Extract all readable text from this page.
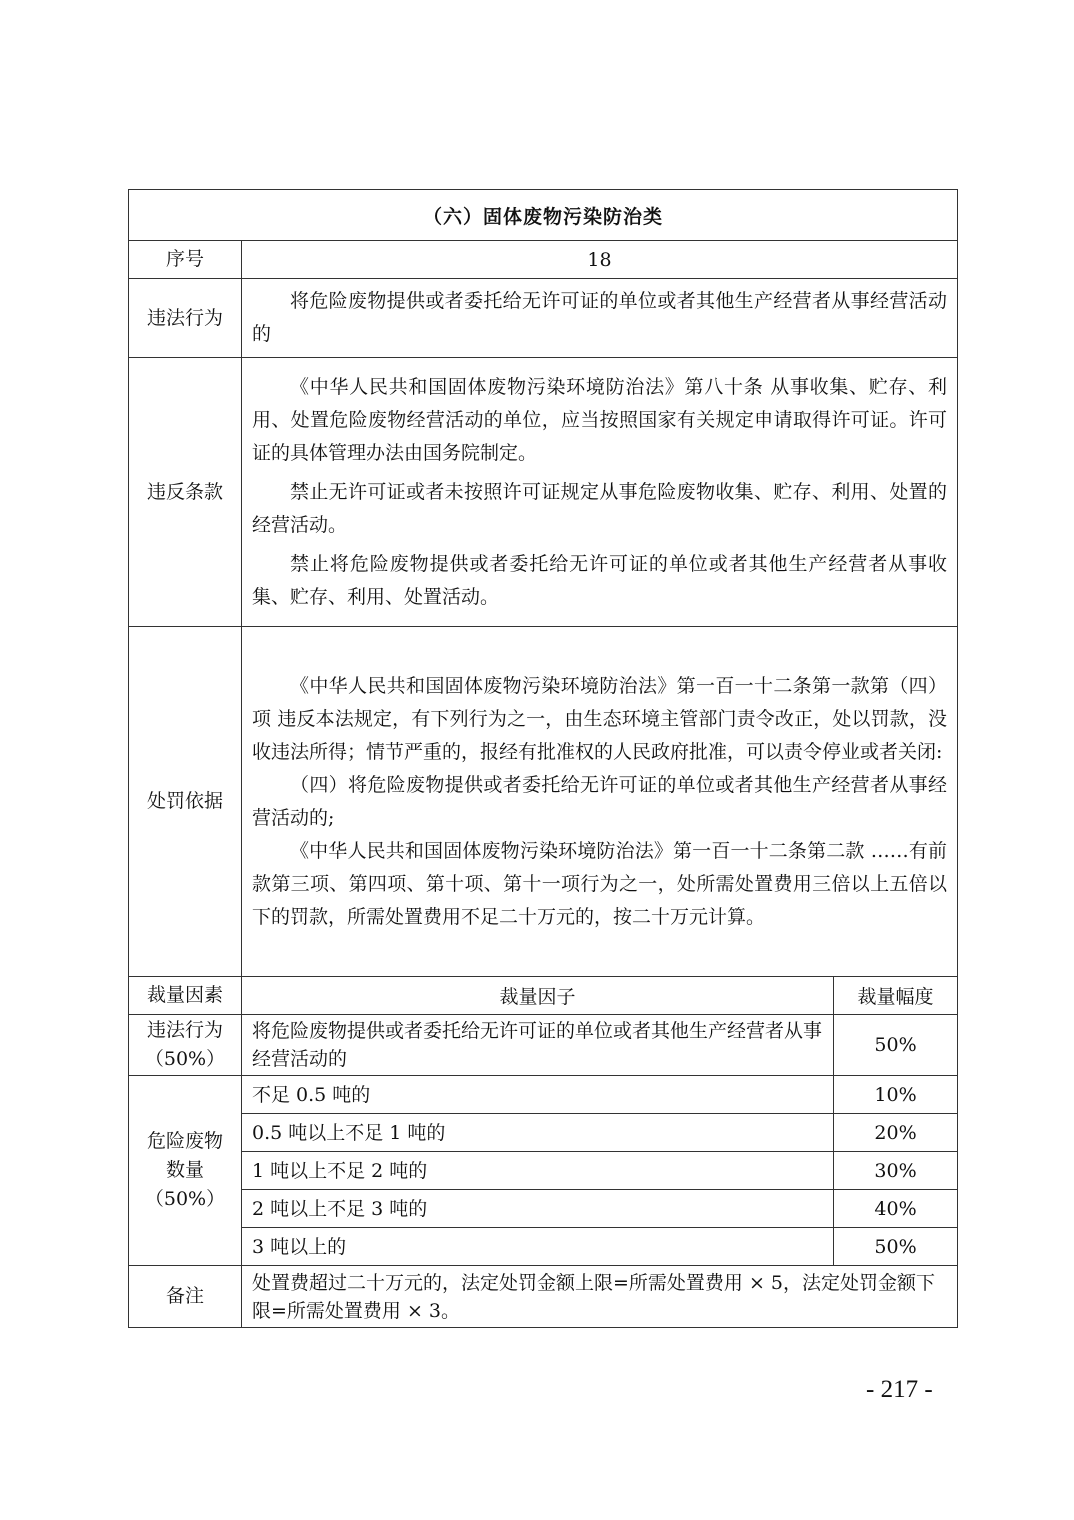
（六）固体废物污染防治类		
序号	18	
违法行为	将危险废物提供或者委托给无许可证的单位或者其他生产经营者从事经营活动的	

违反条款	《中华人民共和国固体废物污染环境防治法》第八十条 从事收集、贮存、利用、处置危险废物经营活动的单位，应当按照国家有关规定申请取得许可证。许可证的具体管理办法由国务院制定。

禁止无许可证或者未按照许可证规定从事危险废物收集、贮存、利用、处置的经营活动。

禁止将危险废物提供或者委托给无许可证的单位或者其他生产经营者从事收集、贮存、利用、处置活动。	

处罚依据	《中华人民共和国固体废物污染环境防治法》第一百一十二条第一款第（四）项 违反本法规定，有下列行为之一，由生态环境主管部门责令改正，处以罚款，没收违法所得；情节严重的，报经有批准权的人民政府批准，可以责令停业或者关闭:

（四）将危险废物提供或者委托给无许可证的单位或者其他生产经营者从事经营活动的;

《中华人民共和国固体废物污染环境防治法》第一百一十二条第二款 ……有前款第三项、第四项、第十项、第十一项行为之一，处所需处置费用三倍以上五倍以下的罚款，所需处置费用不足二十万元的，按二十万元计算。	

裁量因素	裁量因子	裁量幅度
违法行为（50%）	将危险废物提供或者委托给无许可证的单位或者其他生产经营者从事经营活动的	50%
危险废物数量（50%）	不足 0.5 吨的	10%
	0.5 吨以上不足 1 吨的	20%
	1 吨以上不足 2 吨的	30%
	2 吨以上不足 3 吨的	40%
	3 吨以上的	50%
备注	处置费超过二十万元的，法定处罚金额上限=所需处置费用 × 5，法定处罚金额下限=所需处置费用 × 3。	
- 217 -
